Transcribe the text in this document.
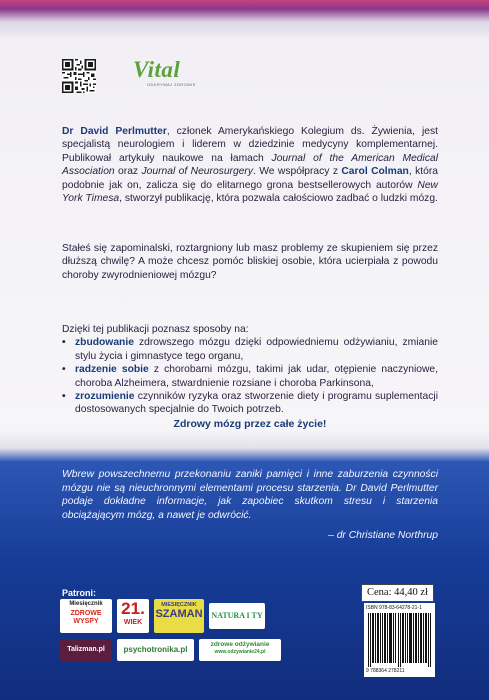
Vital
ODKRYWAJ ZDROWIE
Dr David Perlmutter, członek Amerykańskiego Kolegium ds. Żywienia, jest specjalistą neurologiem i liderem w dziedzinie medycyny komplementarnej. Publikował artykuły naukowe na łamach Journal of the American Medical Association oraz Journal of Neurosurgery. We współpracy z Carol Colman, która podobnie jak on, zalicza się do elitarnego grona bestsellerowych autorów New York Timesa, stworzył publikację, która pozwala całościowo zadbać o ludzki mózg.
Stałeś się zapominalski, roztargniony lub masz problemy ze skupieniem się przez dłuższą chwilę? A może chcesz pomóc bliskiej osobie, która ucierpiała z powodu choroby zwyrodnieniowej mózgu?
Dzięki tej publikacji poznasz sposoby na:
• zbudowanie zdrowszego mózgu dzięki odpowiedniemu odżywianiu, zmianie stylu życia i gimnastyce tego organu,
• radzenie sobie z chorobami mózgu, takimi jak udar, otępienie naczyniowe, choroba Alzheimera, stwardnienie rozsiane i choroba Parkinsona,
• zrozumienie czynników ryzyka oraz stworzenie diety i programu suplementacji dostosowanych specjalnie do Twoich potrzeb.
Zdrowy mózg przez całe życie!
Wbrew powszechnemu przekonaniu zaniki pamięci i inne zaburzenia czynności mózgu nie są nieuchronnymi elementami procesu starzenia. Dr David Perlmutter podaje dokładne informacje, jak zapobiec skutkom stresu i starzenia obciążającym mózg, a nawet je odwrócić.
– dr Christiane Northrup
Patroni:
Miesięcznik
ZDROWE WYSPY
21.
WIEK
MIESIĘCZNIK
SZAMAN NATURA I TY
Talizman.pl	psychotronika.pl
zdrowe odżywianie
www.odzywianie24.pl
Cena: 44,40 zł
ISBN 978-83-64278-21-1
9 788364 278211
